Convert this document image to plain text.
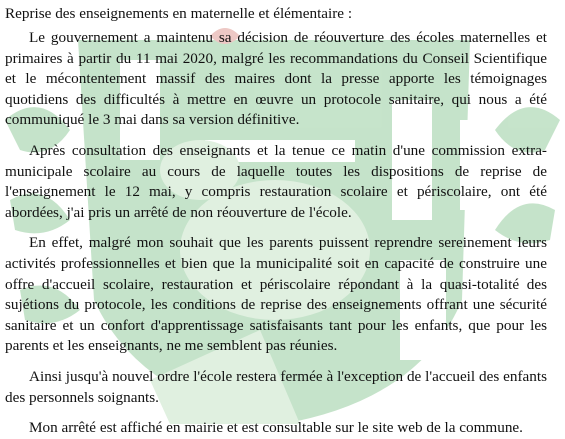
Reprise des enseignements en maternelle et élémentaire :

Le gouvernement a maintenu sa décision de réouverture des écoles maternelles et primaires à partir du 11 mai 2020, malgré les recommandations du Conseil Scientifique et le mécontentement massif des maires dont la presse apporte les témoignages quotidiens des difficultés à mettre en œuvre un protocole sanitaire, qui nous a été communiqué le 3 mai dans sa version définitive.

Après consultation des enseignants et la tenue ce matin d'une commission extra-municipale scolaire au cours de laquelle toutes les dispositions de reprise de l'enseignement le 12 mai, y compris restauration scolaire et périscolaire, ont été abordées, j'ai pris un arrêté de non réouverture de l'école.

En effet, malgré mon souhait que les parents puissent reprendre sereinement leurs activités professionnelles et bien que la municipalité soit en capacité de construire une offre d'accueil scolaire, restauration et périscolaire répondant à la quasi-totalité des sujétions du protocole, les conditions de reprise des enseignements offrant une sécurité sanitaire et un confort d'apprentissage satisfaisants tant pour les enfants, que pour les parents et les enseignants, ne me semblent pas réunies.

Ainsi jusqu'à nouvel ordre l'école restera fermée à l'exception de l'accueil des enfants des personnels soignants.

Mon arrêté est affiché en mairie et est consultable sur le site web de la commune.
